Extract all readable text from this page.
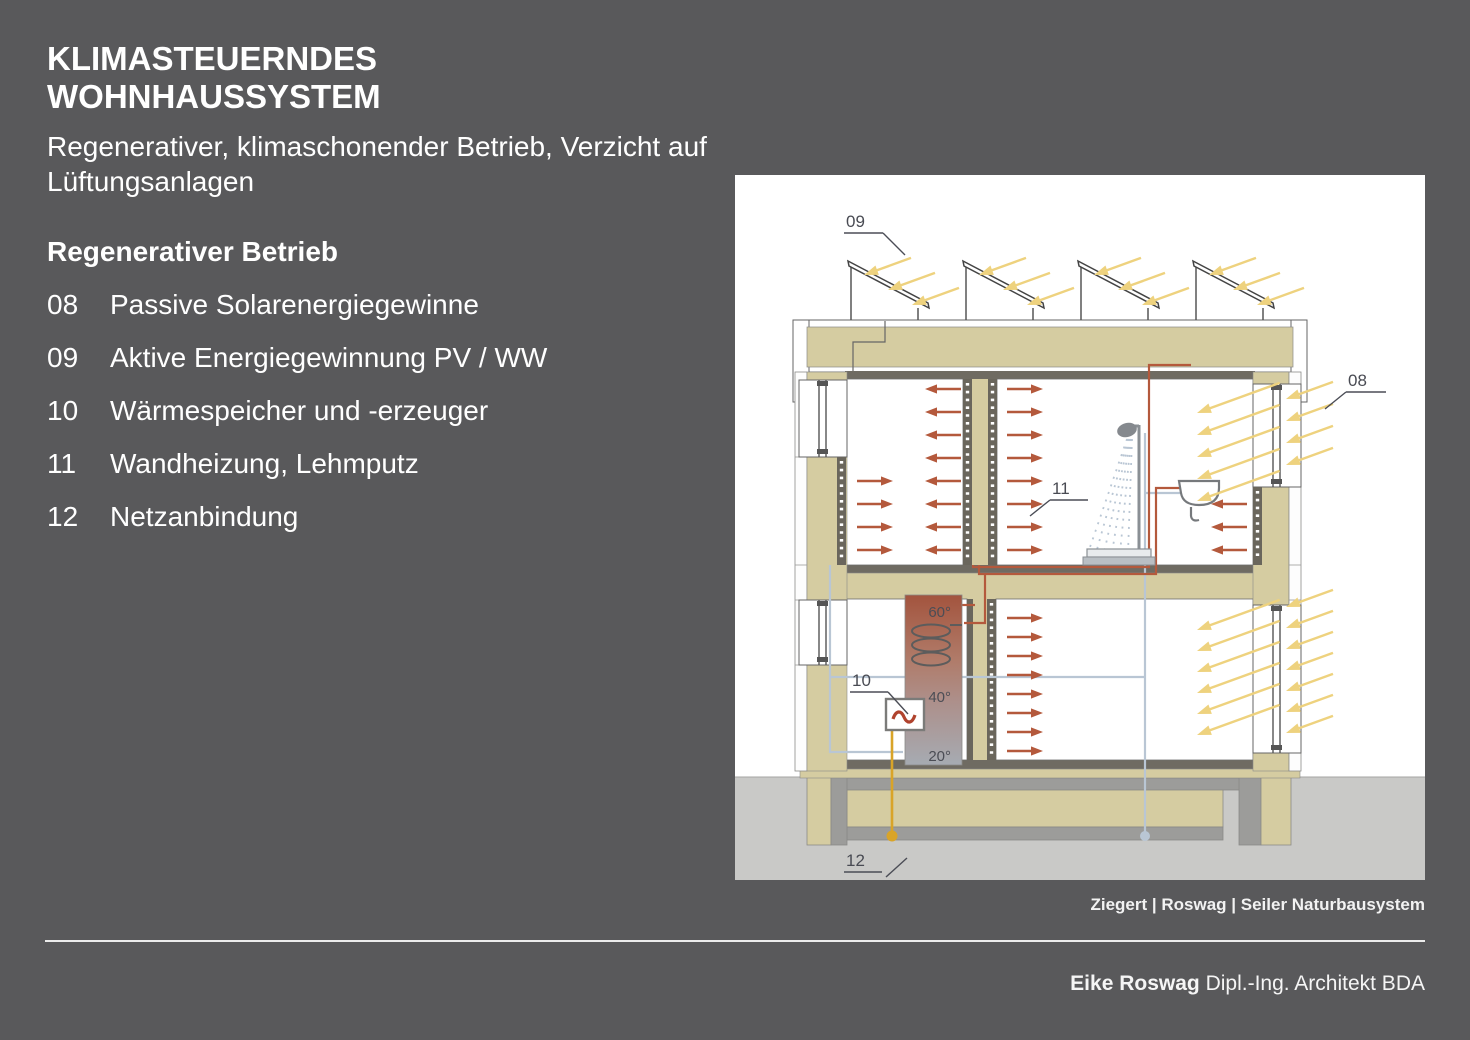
KLIMASTEUERNDES WOHNHAUSSYSTEM

Regenerativer, klimaschonender Betrieb, Verzicht auf Lüftungsanlagen

Regenerativer Betrieb
08	Passive Solarenergiegewinne
09	Aktive Energiegewinnung PV / WW
10	Wärmespeicher und -erzeuger
11	Wandheizung, Lehmputz
12	Netzanbindung
60°
40°
20°
09
08
11
10
12
Ziegert | Roswag | Seiler Naturbausystem
Eike Roswag Dipl.-Ing. Architekt BDA
